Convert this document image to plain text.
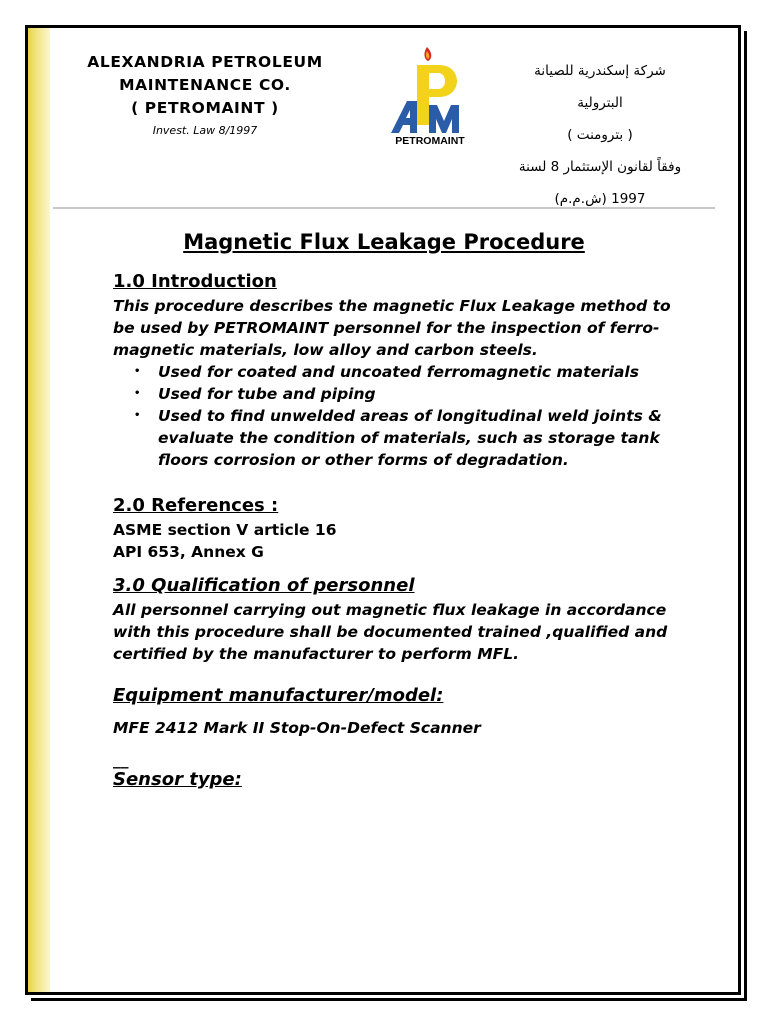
ALEXANDRIA PETROLEUM
MAINTENANCE CO.
( PETROMAINT )
Invest. Law 8/1997
PETROMAINT
شركة إسكندرية للصيانة
البترولية
( بترومنت )
وفقاً لقانون الإستثمار 8 لسنة
1997 (ش.م.م)
Magnetic Flux Leakage Procedure
1.0 Introduction

This procedure describes the magnetic Flux Leakage method to be used by PETROMAINT personnel for the inspection of ferro-magnetic materials, low alloy and carbon steels.

• Used for coated and uncoated ferromagnetic materials
• Used for tube and piping
• Used to find unwelded areas of longitudinal weld joints & evaluate the condition of materials, such as storage tank floors corrosion or other forms of degradation.
2.0 References :

ASME section V article 16

API 653, Annex G

3.0 Qualification of personnel

All personnel carrying out magnetic flux leakage in accordance with this procedure shall be documented trained ,qualified and certified by the manufacturer to perform MFL.

Equipment manufacturer/model:

MFE 2412 Mark II Stop-On-Defect Scanner

__
Sensor type:
